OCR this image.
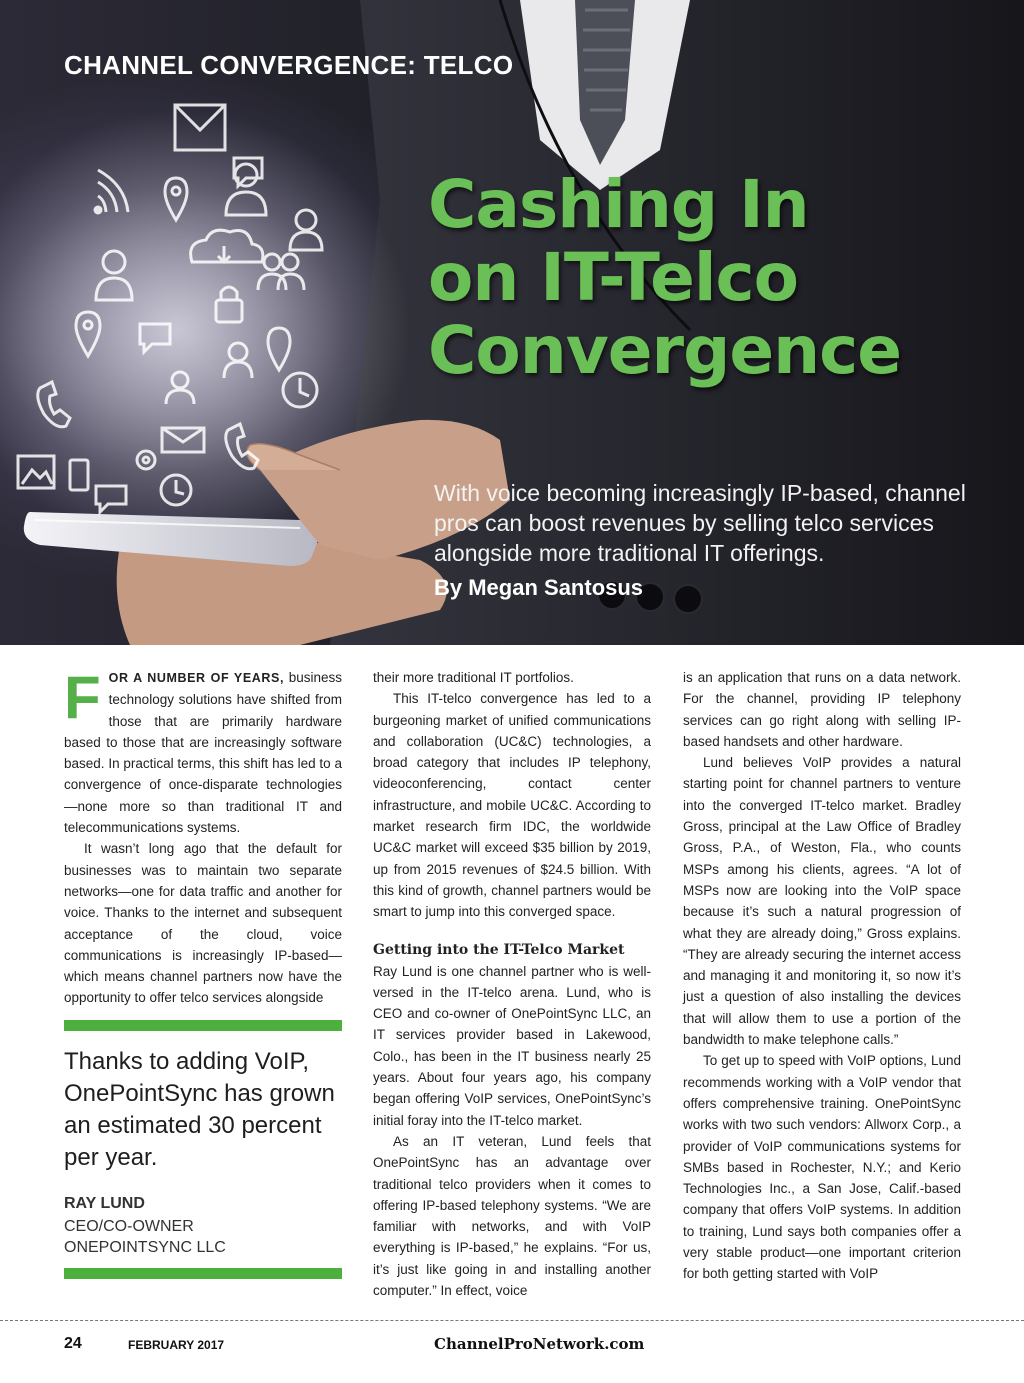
CHANNEL CONVERGENCE: TELCO
Cashing In
on IT-Telco
Convergence

With voice becoming increasingly IP-based, channel pros can boost revenues by selling telco services alongside more traditional IT offerings.

By Megan Santosus

FOR A NUMBER OF YEARS, business technology solutions have shifted from those that are primarily hardware based to those that are increasingly software based. In practical terms, this shift has led to a convergence of once-disparate technologies—none more so than traditional IT and telecommunications systems.

It wasn’t long ago that the default for businesses was to maintain two separate networks—one for data traffic and another for voice. Thanks to the internet and subsequent acceptance of the cloud, voice communications is increasingly IP-based—which means channel partners now have the opportunity to offer telco services alongside

Thanks to adding VoIP, OnePointSync has grown an estimated 30 percent per year.

RAY LUND
CEO/CO-OWNER
ONEPOINTSYNC LLC

their more traditional IT portfolios.

This IT-telco convergence has led to a burgeoning market of unified communications and collaboration (UC&C) technologies, a broad category that includes IP telephony, videoconferencing, contact center infrastructure, and mobile UC&C. According to market research firm IDC, the worldwide UC&C market will exceed $35 billion by 2019, up from 2015 revenues of $24.5 billion. With this kind of growth, channel partners would be smart to jump into this converged space.

Getting into the IT-Telco Market

Ray Lund is one channel partner who is well-versed in the IT-telco arena. Lund, who is CEO and co-owner of OnePointSync LLC, an IT services provider based in Lakewood, Colo., has been in the IT business nearly 25 years. About four years ago, his company began offering VoIP services, OnePointSync’s initial foray into the IT-telco market.

As an IT veteran, Lund feels that OnePointSync has an advantage over traditional telco providers when it comes to offering IP-based telephony systems. “We are familiar with networks, and with VoIP everything is IP-based,” he explains. “For us, it’s just like going in and installing another computer.” In effect, voice

is an application that runs on a data network. For the channel, providing IP telephony services can go right along with selling IP-based handsets and other hardware.

Lund believes VoIP provides a natural starting point for channel partners to venture into the converged IT-telco market. Bradley Gross, principal at the Law Office of Bradley Gross, P.A., of Weston, Fla., who counts MSPs among his clients, agrees. “A lot of MSPs now are looking into the VoIP space because it’s such a natural progression of what they are already doing,” Gross explains. “They are already securing the internet access and managing it and monitoring it, so now it’s just a question of also installing the devices that will allow them to use a portion of the bandwidth to make telephone calls.”

To get up to speed with VoIP options, Lund recommends working with a VoIP vendor that offers comprehensive training. OnePointSync works with two such vendors: Allworx Corp., a provider of VoIP communications systems for SMBs based in Rochester, N.Y.; and Kerio Technologies Inc., a San Jose, Calif.-based company that offers VoIP systems. In addition to training, Lund says both companies offer a very stable product—one important criterion for both getting started with VoIP

24	FEBRUARY 2017	ChannelProNetwork.com
